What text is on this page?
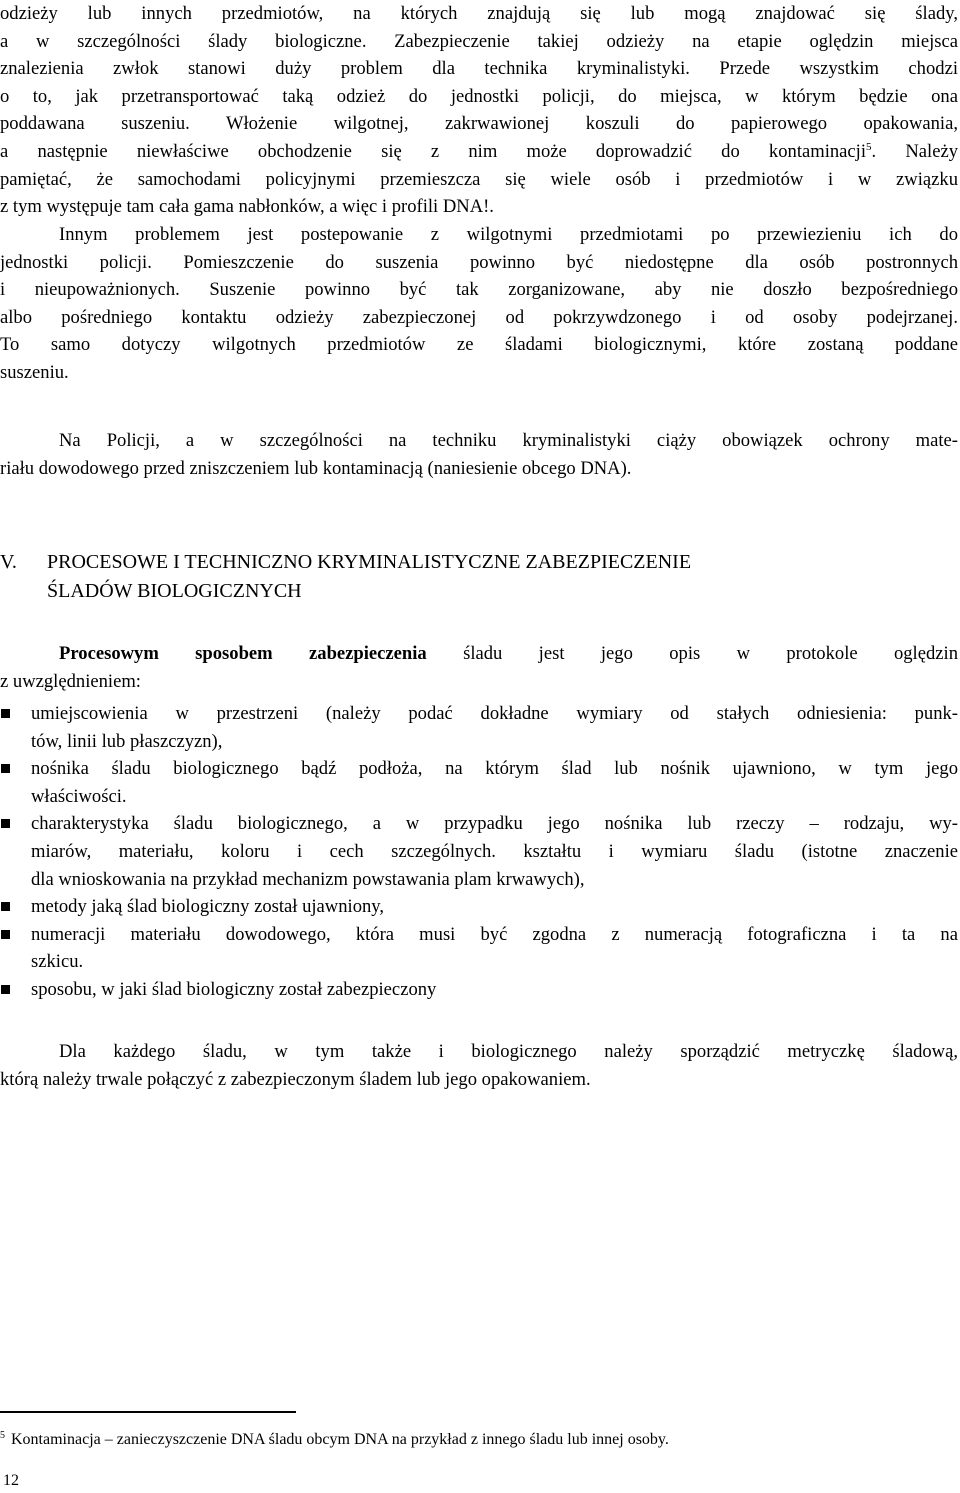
odzieży lub innych przedmiotów, na których znajdują się lub mogą znajdować się ślady,
a w szczególności ślady biologiczne. Zabezpieczenie takiej odzieży na etapie oględzin miejsca
znalezienia zwłok stanowi duży problem dla technika kryminalistyki. Przede wszystkim chodzi
o to, jak przetransportować taką odzież do jednostki policji, do miejsca, w którym będzie ona
poddawana suszeniu. Włożenie wilgotnej, zakrwawionej koszuli do papierowego opakowania,
a następnie niewłaściwe obchodzenie się z nim może doprowadzić do kontaminacji$^5$. Należy
pamiętać, że samochodami policyjnymi przemieszcza się wiele osób i przedmiotów i w związku
z tym występuje tam cała gama nabłonków, a więc i profili DNA!.
Innym problemem jest postepowanie z wilgotnymi przedmiotami po przewiezieniu ich do
jednostki policji. Pomieszczenie do suszenia powinno być niedostępne dla osób postronnych
i nieupoważnionych. Suszenie powinno być tak zorganizowane, aby nie doszło bezpośredniego
albo pośredniego kontaktu odzieży zabezpieczonej od pokrzywdzonego i od osoby podejrzanej.
To samo dotyczy wilgotnych przedmiotów ze śladami biologicznymi, które zostaną poddane
suszeniu.
Na Policji, a w szczególności na techniku kryminalistyki ciąży obowiązek ochrony mate-
riału dowodowego przed zniszczeniem lub kontaminacją (naniesienie obcego DNA).
V. PROCESOWE I TECHNICZNO KRYMINALISTYCZNE ZABEZPIECZENIE
ŚLADÓW BIOLOGICZNYCH
Procesowym sposobem zabezpieczenia śladu jest jego opis w protokole oględzin
z uwzględnieniem:
umiejscowienia w przestrzeni (należy podać dokładne wymiary od stałych odniesienia: punk-
tów, linii lub płaszczyzn),
nośnika śladu biologicznego bądź podłoża, na którym ślad lub nośnik ujawniono, w tym jego
właściwości.
charakterystyka śladu biologicznego, a w przypadku jego nośnika lub rzeczy – rodzaju, wy-
miarów, materiału, koloru i cech szczególnych. kształtu i wymiaru śladu (istotne znaczenie
dla wnioskowania na przykład mechanizm powstawania plam krwawych),
metody jaką ślad biologiczny został ujawniony,
numeracji materiału dowodowego, która musi być zgodna z numeracją fotograficzna i ta na
szkicu.
sposobu, w jaki ślad biologiczny został zabezpieczony
Dla każdego śladu, w tym także i biologicznego należy sporządzić metryczkę śladową,
którą należy trwale połączyć z zabezpieczonym śladem lub jego opakowaniem.
$^5$ Kontaminacja – zanieczyszczenie DNA śladu obcym DNA na przykład z innego śladu lub innej osoby.
12
